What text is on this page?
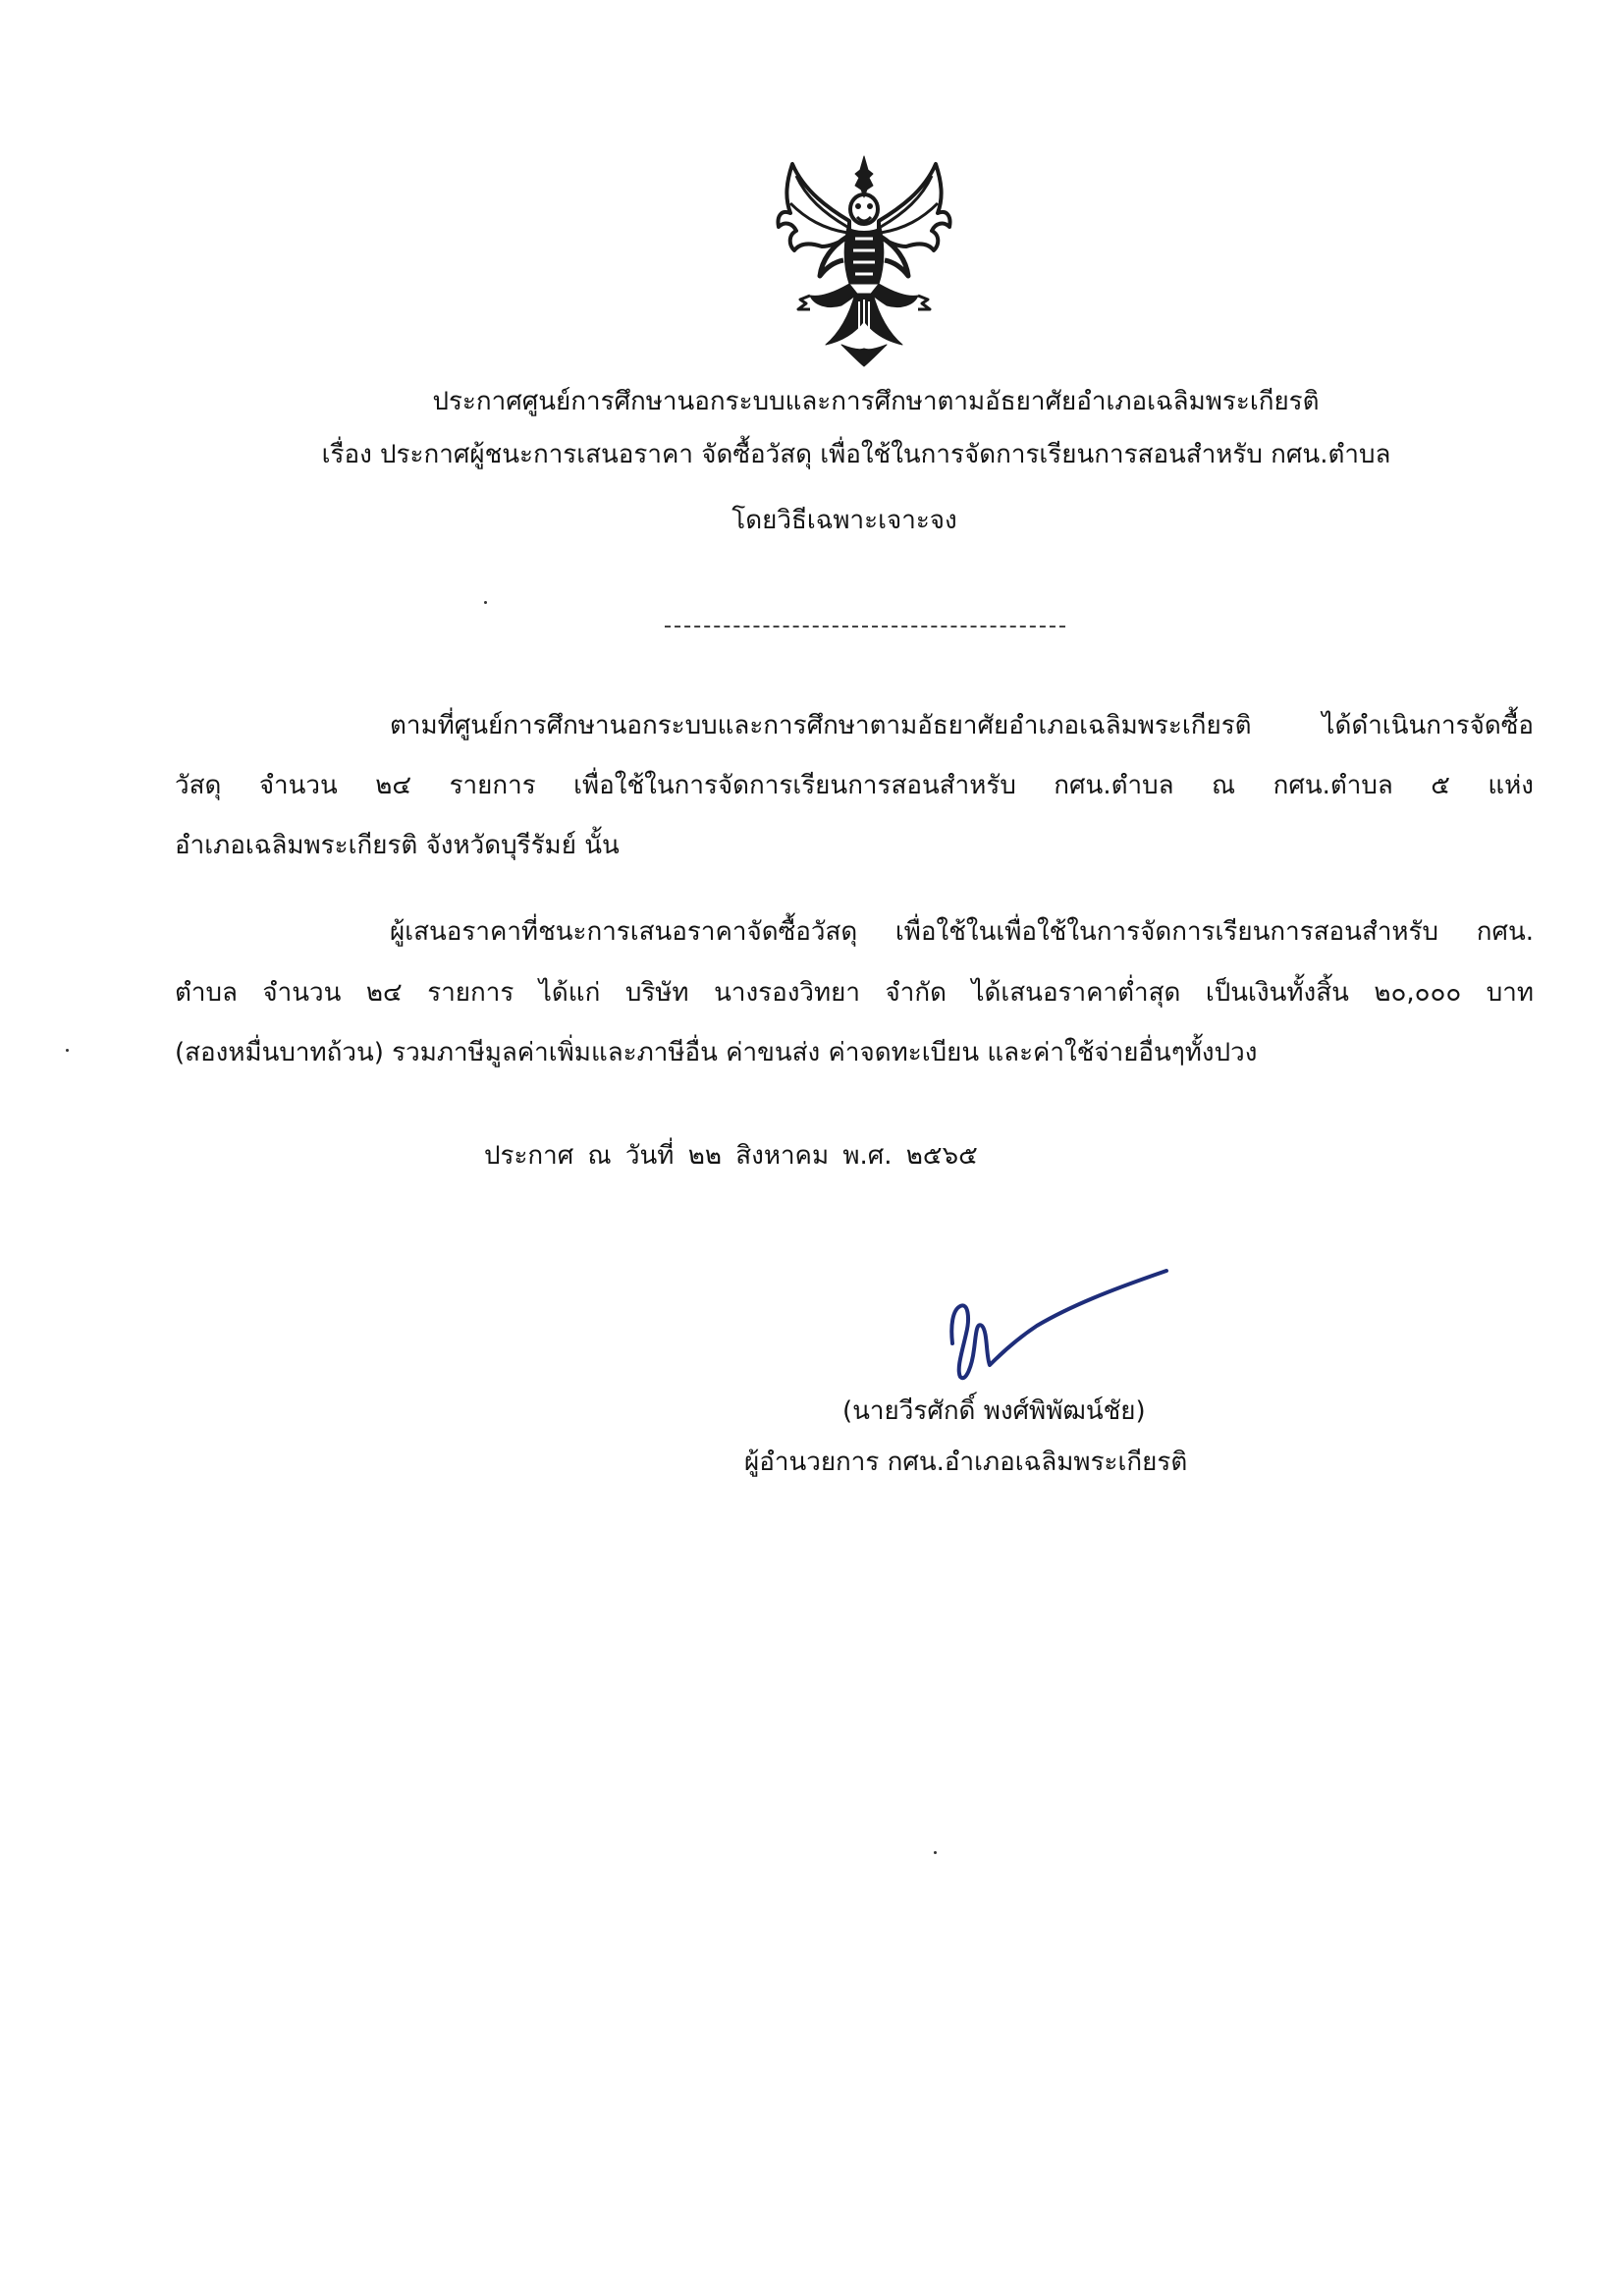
ประกาศศูนย์การศึกษานอกระบบและการศึกษาตามอัธยาศัยอำเภอเฉลิมพระเกียรติ
เรื่อง ประกาศผู้ชนะการเสนอราคา จัดซื้อวัสดุ เพื่อใช้ในการจัดการเรียนการสอนสำหรับ กศน.ตำบล
โดยวิธีเฉพาะเจาะจง
ตามที่ศูนย์การศึกษานอกระบบและการศึกษาตามอัธยาศัยอำเภอเฉลิมพระเกียรติ ได้ดำเนินการจัดซื้อ
วัสดุ จำนวน ๒๔ รายการ เพื่อใช้ในการจัดการเรียนการสอนสำหรับ กศน.ตำบล ณ กศน.ตำบล ๕ แห่ง
อำเภอเฉลิมพระเกียรติ จังหวัดบุรีรัมย์ นั้น
ผู้เสนอราคาที่ชนะการเสนอราคาจัดซื้อวัสดุ เพื่อใช้ในเพื่อใช้ในการจัดการเรียนการสอนสำหรับ กศน.
ตำบล จำนวน ๒๔ รายการ ได้แก่ บริษัท นางรองวิทยา จำกัด ได้เสนอราคาต่ำสุด เป็นเงินทั้งสิ้น ๒๐,๐๐๐ บาท
(สองหมื่นบาทถ้วน) รวมภาษีมูลค่าเพิ่มและภาษีอื่น ค่าขนส่ง ค่าจดทะเบียน และค่าใช้จ่ายอื่นๆทั้งปวง
ประกาศ ณ วันที่ ๒๒ สิงหาคม พ.ศ. ๒๕๖๕
(นายวีรศักดิ์ พงศ์พิพัฒน์ชัย)
ผู้อำนวยการ กศน.อำเภอเฉลิมพระเกียรติ
